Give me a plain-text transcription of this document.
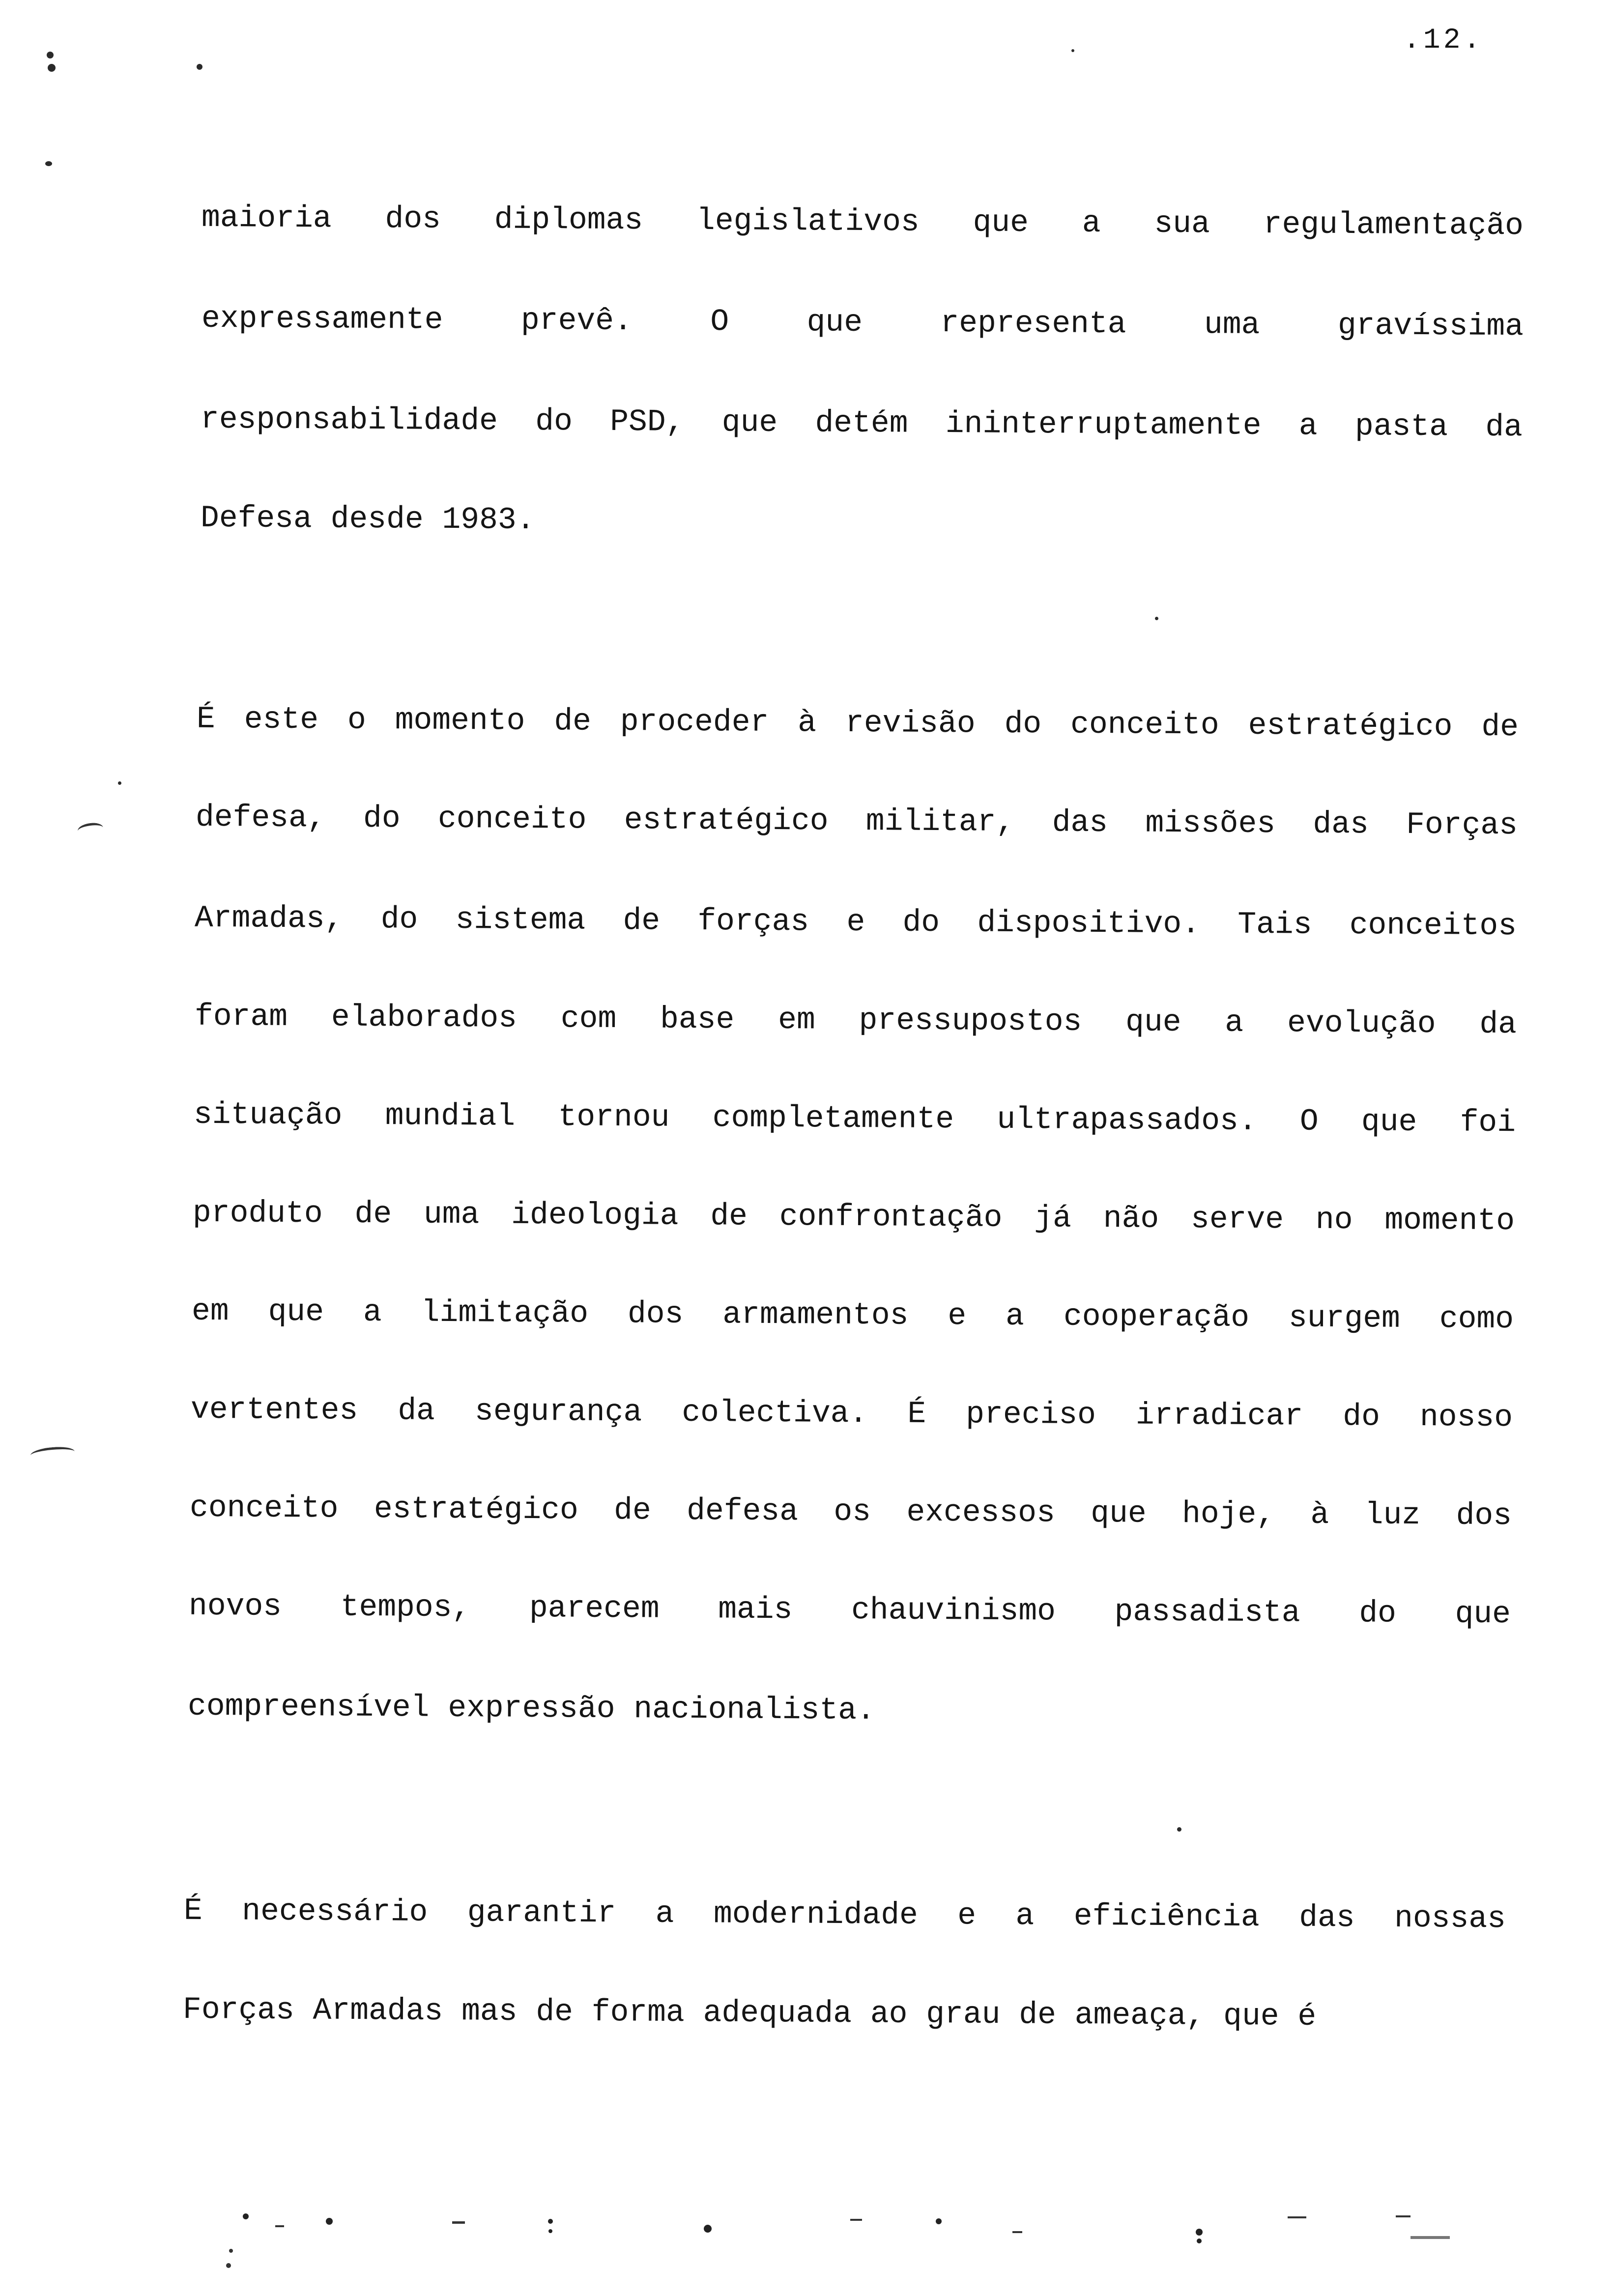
.12.
maioria dos diplomas legislativos que a sua regulamentação
expressamente prevê. O que representa uma gravíssima
responsabilidade do PSD, que detém ininterruptamente a pasta da
Defesa desde 1983.
É este o momento de proceder à revisão do conceito estratégico de
defesa, do conceito estratégico militar, das missões das Forças
Armadas, do sistema de forças e do dispositivo. Tais conceitos
foram elaborados com base em pressupostos que a evolução da
situação mundial tornou completamente ultrapassados. O que foi
produto de uma ideologia de confrontação já não serve no momento
em que a limitação dos armamentos e a cooperação surgem como
vertentes da segurança colectiva. É preciso irradicar do nosso
conceito estratégico de defesa os excessos que hoje, à luz dos
novos tempos, parecem mais chauvinismo passadista do que
compreensível expressão nacionalista.
É necessário garantir a modernidade e a eficiência das nossas
Forças Armadas mas de forma adequada ao grau de ameaça, que é
